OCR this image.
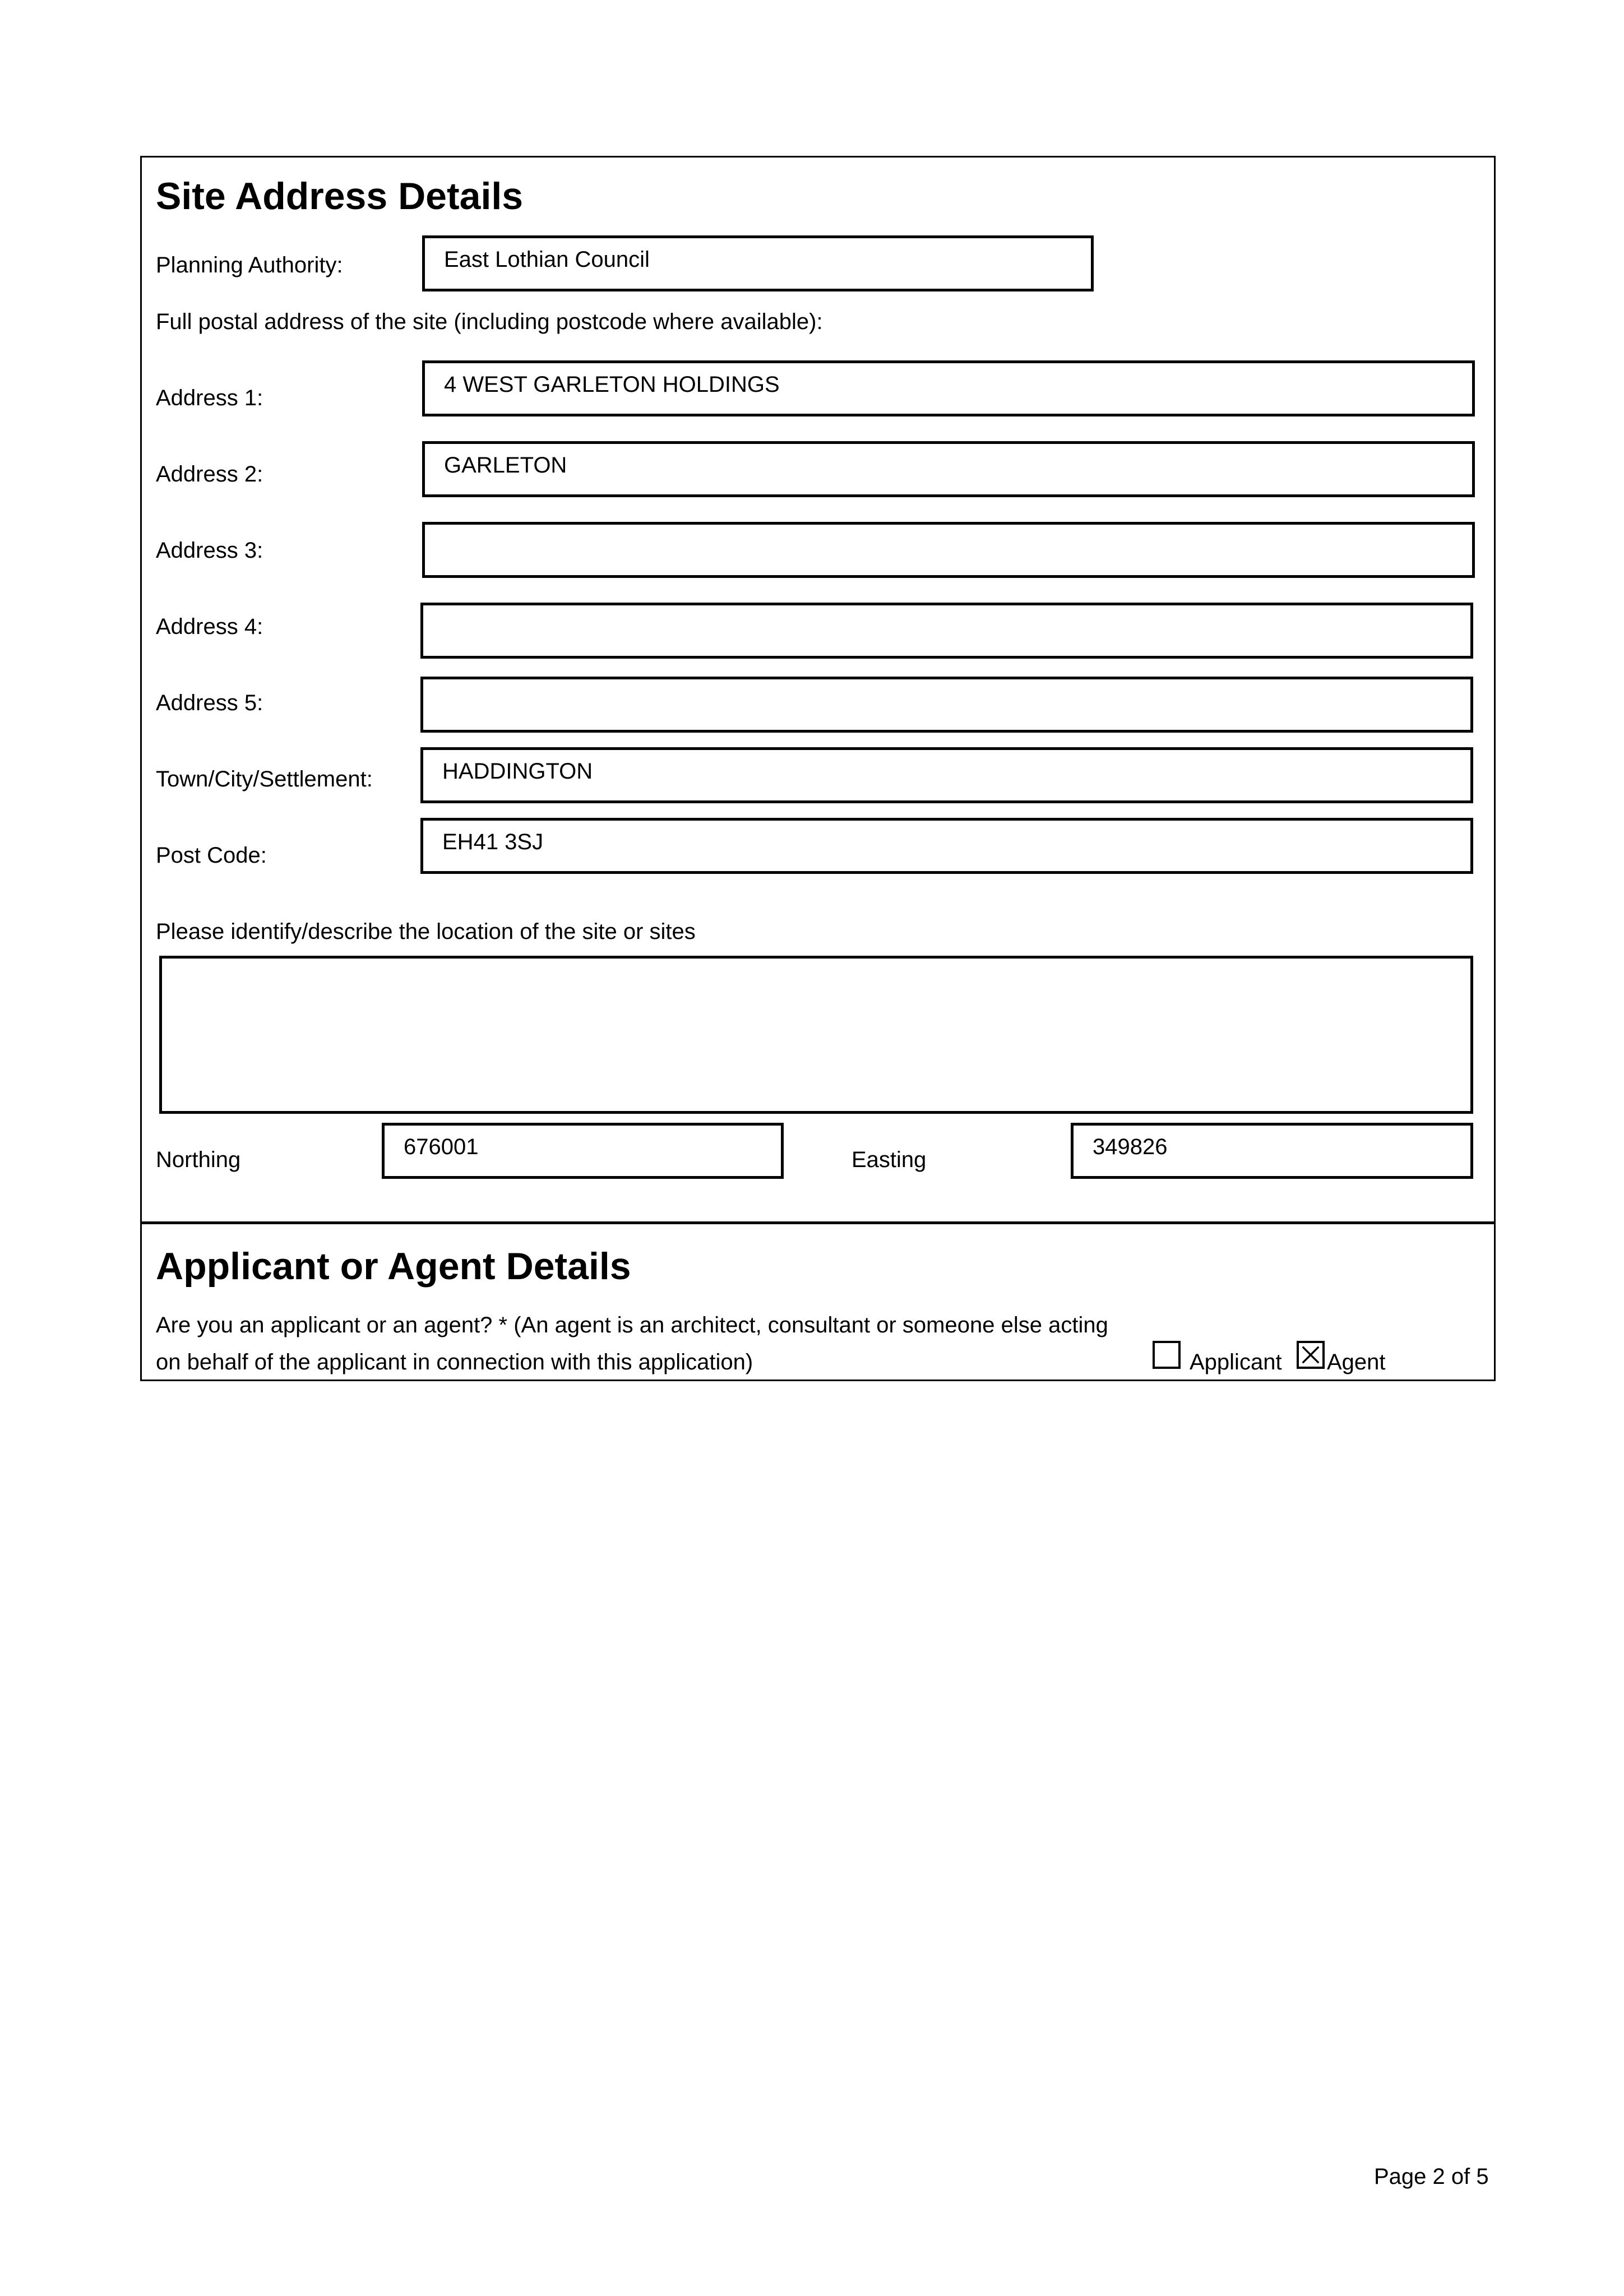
Site Address Details
Planning Authority:	East Lothian Council
Full postal address of the site (including postcode where available):
Address 1:
4 WEST GARLETON HOLDINGS
Address 2:	GARLETON
Address 3:
Address 4:
Address 5:
Town/City/Settlement:	HADDINGTON
Post Code:
EH41 3SJ
Please identify/describe the location of the site or sites
Northing
676001
Easting
349826
Applicant or Agent Details
Are you an applicant or an agent? * (An agent is an architect, consultant or someone else acting
on behalf of the applicant in connection with this application)	Applicant Agent
Page 2 of 5
